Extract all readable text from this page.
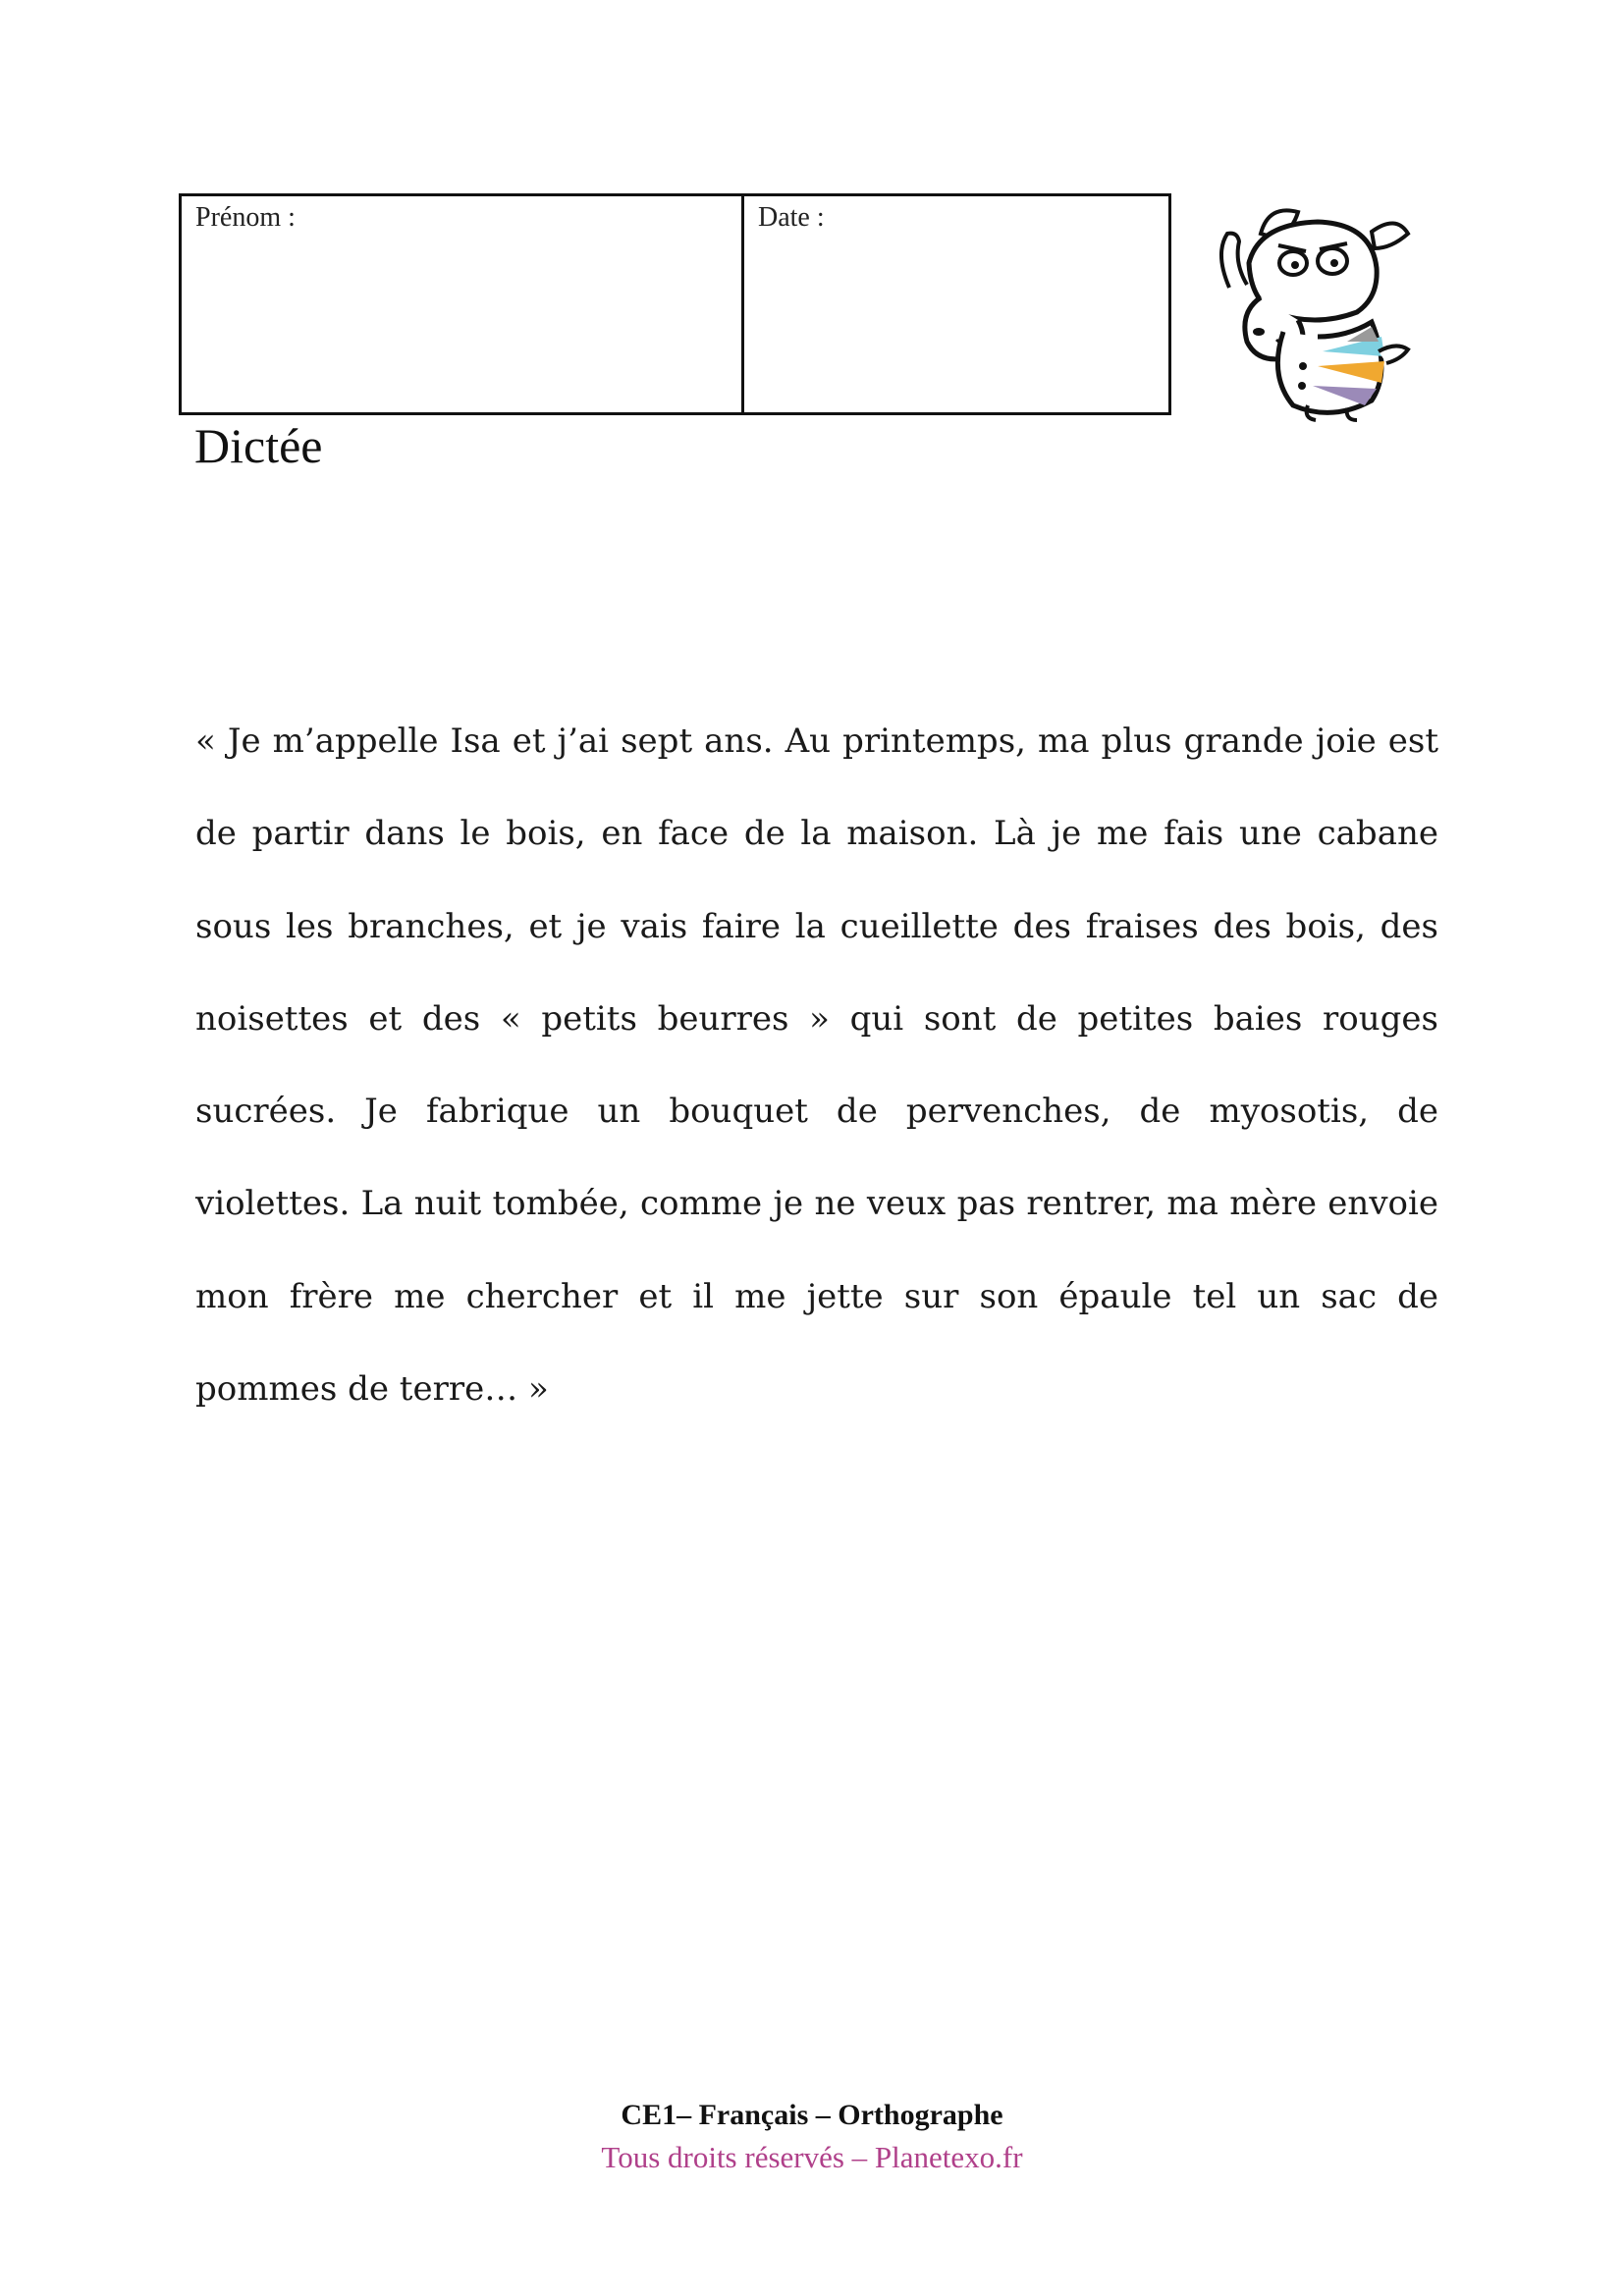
Prénom :	Date :
Dictée

« Je m’appelle Isa et j’ai sept ans. Au printemps, ma plus grande joie est de partir dans le bois, en face de la maison. Là je me fais une cabane sous les branches, et je vais faire la cueillette des fraises des bois, des noisettes et des « petits beurres » qui sont de petites baies rouges sucrées. Je fabrique un bouquet de pervenches, de myosotis, de violettes. La nuit tombée, comme je ne veux pas rentrer, ma mère envoie mon frère me chercher et il me jette sur son épaule tel un sac de pommes de terre… »

CE1– Français – Orthographe
Tous droits réservés – Planetexo.fr
